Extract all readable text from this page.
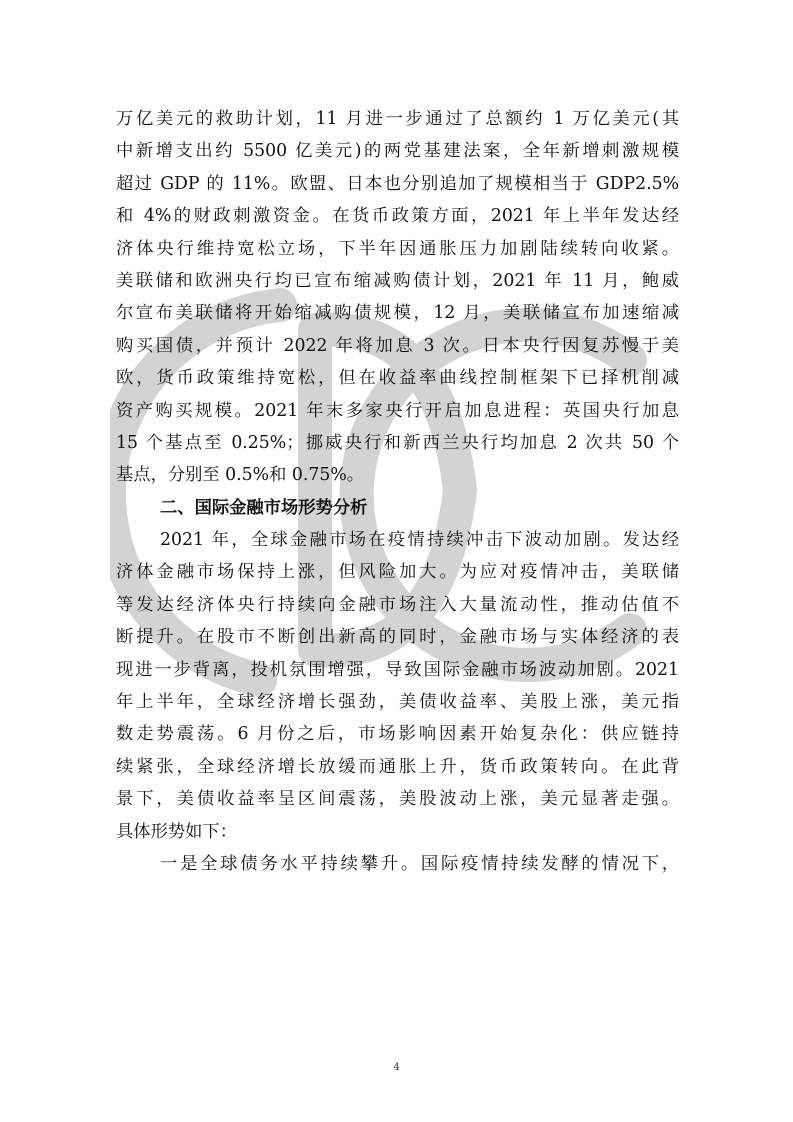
万亿美元的救助计划，11 月进一步通过了总额约 1 万亿美元(其
中新增支出约 5500 亿美元)的两党基建法案，全年新增刺激规模
超过 GDP 的 11%。欧盟、日本也分别追加了规模相当于 GDP2.5%
和 4%的财政刺激资金。在货币政策方面，2021 年上半年发达经
济体央行维持宽松立场，下半年因通胀压力加剧陆续转向收紧。
美联储和欧洲央行均已宣布缩减购债计划，2021 年 11 月，鲍威
尔宣布美联储将开始缩减购债规模，12 月，美联储宣布加速缩减
购买国债，并预计 2022 年将加息 3 次。日本央行因复苏慢于美
欧，货币政策维持宽松，但在收益率曲线控制框架下已择机削减
资产购买规模。2021 年末多家央行开启加息进程：英国央行加息
15 个基点至 0.25%；挪威央行和新西兰央行均加息 2 次共 50 个
基点，分别至 0.5%和 0.75%。
二、国际金融市场形势分析
2021 年，全球金融市场在疫情持续冲击下波动加剧。发达经
济体金融市场保持上涨，但风险加大。为应对疫情冲击，美联储
等发达经济体央行持续向金融市场注入大量流动性，推动估值不
断提升。在股市不断创出新高的同时，金融市场与实体经济的表
现进一步背离，投机氛围增强，导致国际金融市场波动加剧。2021
年上半年，全球经济增长强劲，美债收益率、美股上涨，美元指
数走势震荡。6 月份之后，市场影响因素开始复杂化：供应链持
续紧张，全球经济增长放缓而通胀上升，货币政策转向。在此背
景下，美债收益率呈区间震荡，美股波动上涨，美元显著走强。
具体形势如下：
一是全球债务水平持续攀升。国际疫情持续发酵的情况下，
4
